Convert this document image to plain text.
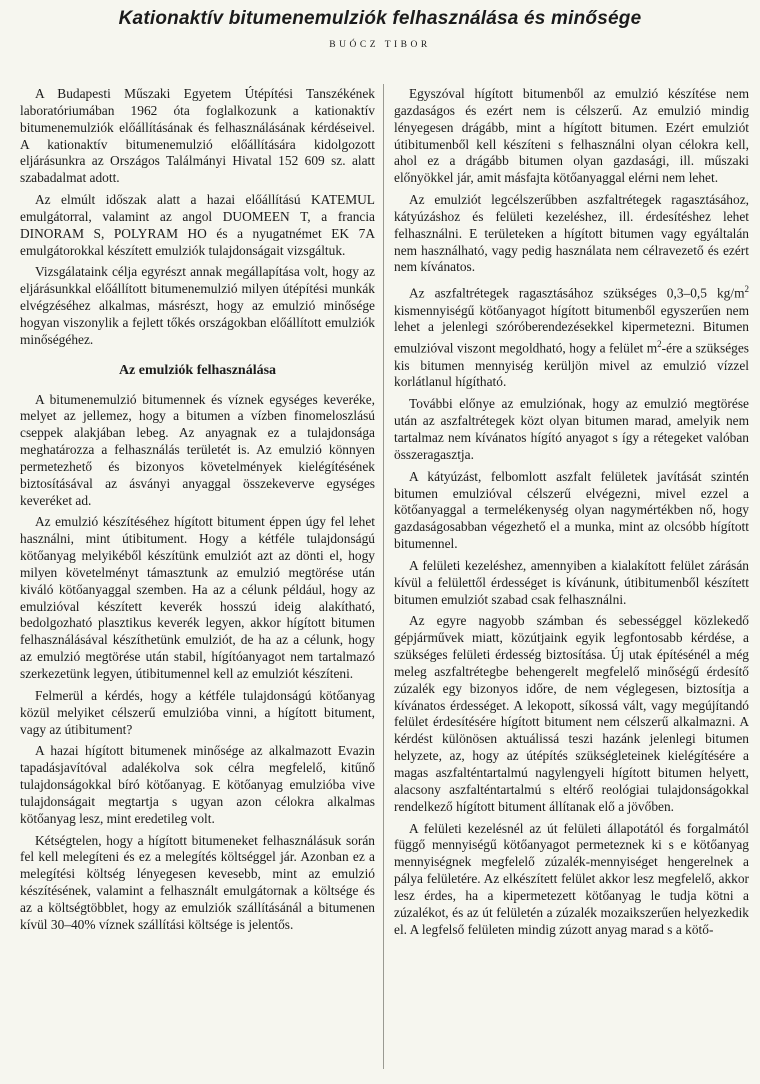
Kationaktív bitumenemulziók felhasználása és minősége
BUÓCZ TIBOR

A Budapesti Műszaki Egyetem Útépítési Tanszékének laboratóriumában 1962 óta foglalkozunk a kationaktív bitumenemulziók előállításának és felhasználásának kérdéseivel. A kationaktív bitumenemulzió előállítására kidolgozott eljárásunkra az Országos Találmányi Hivatal 152 609 sz. alatt szabadalmat adott.

Az elmúlt időszak alatt a hazai előállítású KATEMUL emulgátorral, valamint az angol DUOMEEN T, a francia DINORAM S, POLYRAM HO és a nyugatnémet EK 7A emulgátorokkal készített emulziók tulajdonságait vizsgáltuk.

Vizsgálataink célja egyrészt annak megállapítása volt, hogy az eljárásunkkal előállított bitumenemulzió milyen útépítési munkák elvégzéséhez alkalmas, másrészt, hogy az emulzió minősége hogyan viszonylik a fejlett tőkés országokban előállított emulziók minőségéhez.

Az emulziók felhasználása

A bitumenemulzió bitumennek és víznek egységes keveréke, melyet az jellemez, hogy a bitumen a vízben finomeloszlású cseppek alakjában lebeg. Az anyagnak ez a tulajdonsága meghatározza a felhasználás területét is. Az emulzió könnyen permetezhető és bizonyos követelmények kielégítésének biztosításával az ásványi anyaggal összekeverve egységes keveréket ad.

Az emulzió készítéséhez hígított bitument éppen úgy fel lehet használni, mint útibitument. Hogy a kétféle tulajdonságú kötőanyag melyikéből készítünk emulziót azt az dönti el, hogy milyen követelményt támasztunk az emulzió megtörése után kiváló kötőanyaggal szemben. Ha az a célunk például, hogy az emulzióval készített keverék hosszú ideig alakítható, bedolgozható plasztikus keverék legyen, akkor hígított bitumen felhasználásával készíthetünk emulziót, de ha az a célunk, hogy az emulzió megtörése után stabil, hígítóanyagot nem tartalmazó szerkezetünk legyen, útibitumennel kell az emulziót készíteni.

Felmerül a kérdés, hogy a kétféle tulajdonságú kötőanyag közül melyiket célszerű emulzióba vinni, a hígított bitument, vagy az útibitument?

A hazai hígított bitumenek minősége az alkalmazott Evazin tapadásjavítóval adalékolva sok célra megfelelő, kitűnő tulajdonságokkal bíró kötőanyag. E kötőanyag emulzióba vive tulajdonságait megtartja s ugyan azon célokra alkalmas kötőanyag lesz, mint eredetileg volt.

Kétségtelen, hogy a hígított bitumeneket felhasználásuk során fel kell melegíteni és ez a melegítés költséggel jár. Azonban ez a melegítési költség lényegesen kevesebb, mint az emulzió készítésének, valamint a felhasznált emulgátornak a költsége és az a költségtöbblet, hogy az emulziók szállításánál a bitumenen kívül 30–40% víznek szállítási költsége is jelentős.

Egyszóval hígított bitumenből az emulzió készítése nem gazdaságos és ezért nem is célszerű. Az emulzió mindig lényegesen drágább, mint a hígított bitumen. Ezért emulziót útibitumenből kell készíteni s felhasználni olyan célokra kell, ahol ez a drágább bitumen olyan gazdasági, ill. műszaki előnyökkel jár, amit másfajta kötőanyaggal elérni nem lehet.

Az emulziót legcélszerűbben aszfaltrétegek ragasztásához, kátyúzáshoz és felületi kezeléshez, ill. érdesítéshez lehet felhasználni. E területeken a hígított bitumen vagy egyáltalán nem használható, vagy pedig használata nem célravezető és ezért nem kívánatos.

Az aszfaltrétegek ragasztásához szükséges 0,3–0,5 $kg/m^2$ kismennyiségű kötőanyagot hígított bitumenből egyszerűen nem lehet a jelenlegi szóróberendezésekkel kipermetezni. Bitumen emulzióval viszont megoldható, hogy a felület $m^2$-ére a szükséges kis bitumen mennyiség kerüljön mivel az emulzió vízzel korlátlanul hígítható.

További előnye az emulziónak, hogy az emulzió megtörése után az aszfaltrétegek közt olyan bitumen marad, amelyik nem tartalmaz nem kívánatos hígító anyagot s így a rétegeket valóban összeragasztja.

A kátyúzást, felbomlott aszfalt felületek javítását szintén bitumen emulzióval célszerű elvégezni, mivel ezzel a kötőanyaggal a termelékenység olyan nagymértékben nő, hogy gazdaságosabban végezhető el a munka, mint az olcsóbb hígított bitumennel.

A felületi kezeléshez, amennyiben a kialakított felület zárásán kívül a felülettől érdességet is kívánunk, útibitumenből készített bitumen emulziót szabad csak felhasználni.

Az egyre nagyobb számban és sebességgel közlekedő gépjárművek miatt, közútjaink egyik legfontosabb kérdése, a szükséges felületi érdesség biztosítása. Új utak építésénél a még meleg aszfaltrétegbe behengerelt megfelelő minőségű érdesítő zúzalék egy bizonyos időre, de nem véglegesen, biztosítja a kívánatos érdességet. A lekopott, síkossá vált, vagy megújítandó felület érdesítésére hígított bitument nem célszerű alkalmazni. A kérdést különösen aktuálissá teszi hazánk jelenlegi bitumen helyzete, az, hogy az útépítés szükségleteinek kielégítésére a magas aszfalténtartalmú nagylengyeli hígított bitumen helyett, alacsony aszfalténtartalmú s eltérő reológiai tulajdonságokkal rendelkező hígított bitument állítanak elő a jövőben.

A felületi kezelésnél az út felületi állapotától és forgalmától függő mennyiségű kötőanyagot permeteznek ki s e kötőanyag mennyiségnek megfelelő zúzalék-mennyiséget hengerelnek a pálya felületére. Az elkészített felület akkor lesz megfelelő, akkor lesz érdes, ha a kipermetezett kötőanyag le tudja kötni a zúzalékot, és az út felületén a zúzalék mozaikszerűen helyezkedik el. A legfelső felületen mindig zúzott anyag marad s a kötő-
